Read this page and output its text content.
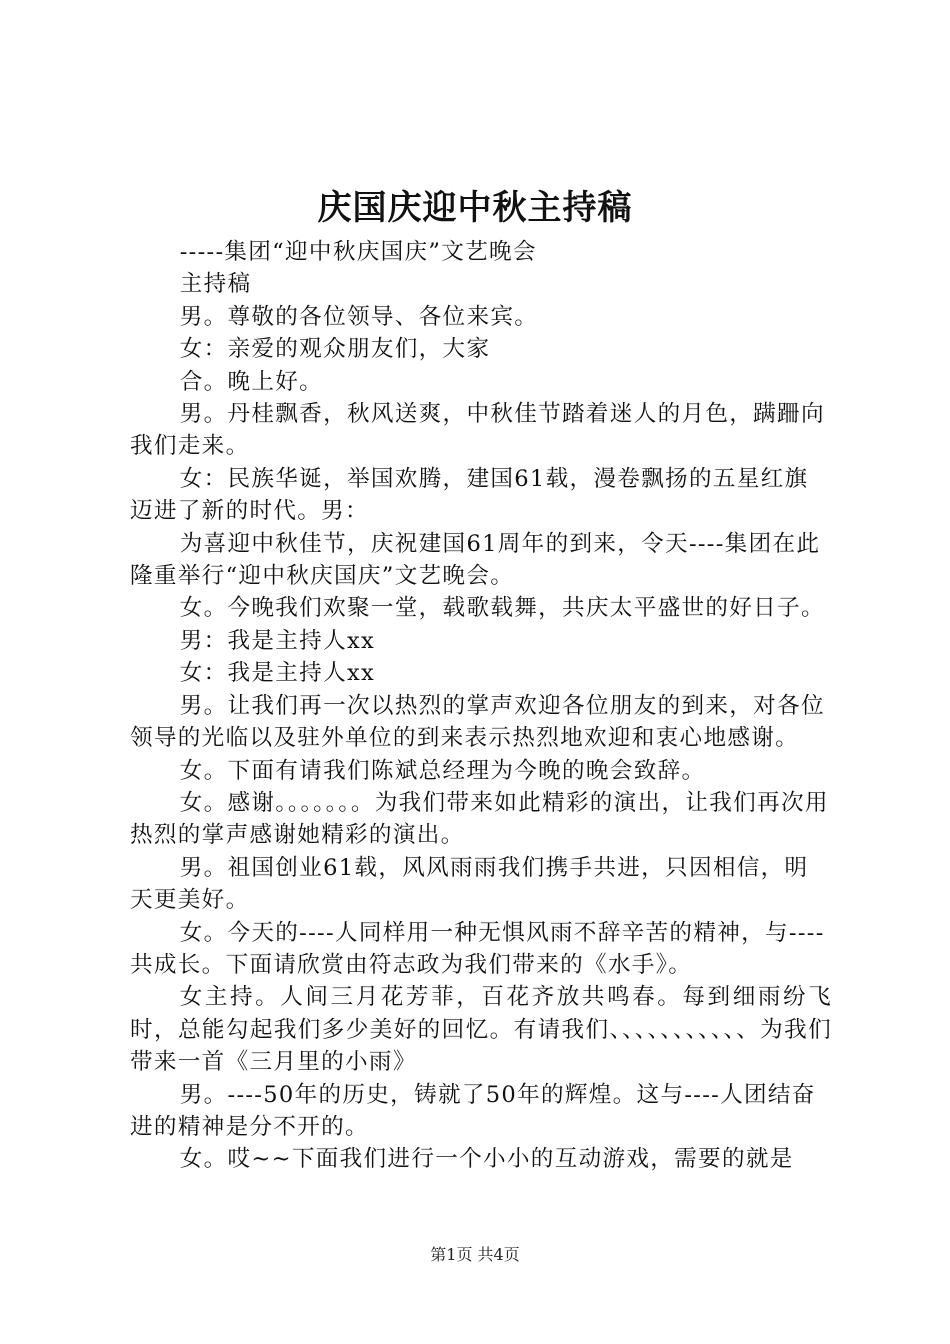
庆国庆迎中秋主持稿

-----集团“迎中秋庆国庆”文艺晚会

主持稿

男。尊敬的各位领导、各位来宾。

女：亲爱的观众朋友们，大家

合。晚上好。

男。丹桂飘香，秋风送爽，中秋佳节踏着迷人的月色，蹒跚向我们走来。

女：民族华诞，举国欢腾，建国61载，漫卷飘扬的五星红旗迈进了新的时代。男：

为喜迎中秋佳节，庆祝建国61周年的到来，令天----集团在此隆重举行“迎中秋庆国庆”文艺晚会。

女。今晚我们欢聚一堂，载歌载舞，共庆太平盛世的好日子。

男：我是主持人xx

女：我是主持人xx

男。让我们再一次以热烈的掌声欢迎各位朋友的到来，对各位领导的光临以及驻外单位的到来表示热烈地欢迎和衷心地感谢。

女。下面有请我们陈斌总经理为今晚的晚会致辞。

女。感谢。。。。。。。为我们带来如此精彩的演出，让我们再次用热烈的掌声感谢她精彩的演出。

男。祖国创业61载，风风雨雨我们携手共进，只因相信，明天更美好。

女。今天的----人同样用一种无惧风雨不辞辛苦的精神，与----共成长。下面请欣赏由符志政为我们带来的《水手》。

女主持。人间三月花芳菲，百花齐放共鸣春。每到细雨纷飞时，总能勾起我们多少美好的回忆。有请我们、、、、、、、、、、、为我们带来一首《三月里的小雨》

男。----50年的历史，铸就了50年的辉煌。这与----人团结奋进的精神是分不开的。

女。哎~~下面我们进行一个小小的互动游戏，需要的就是

第1页 共4页
